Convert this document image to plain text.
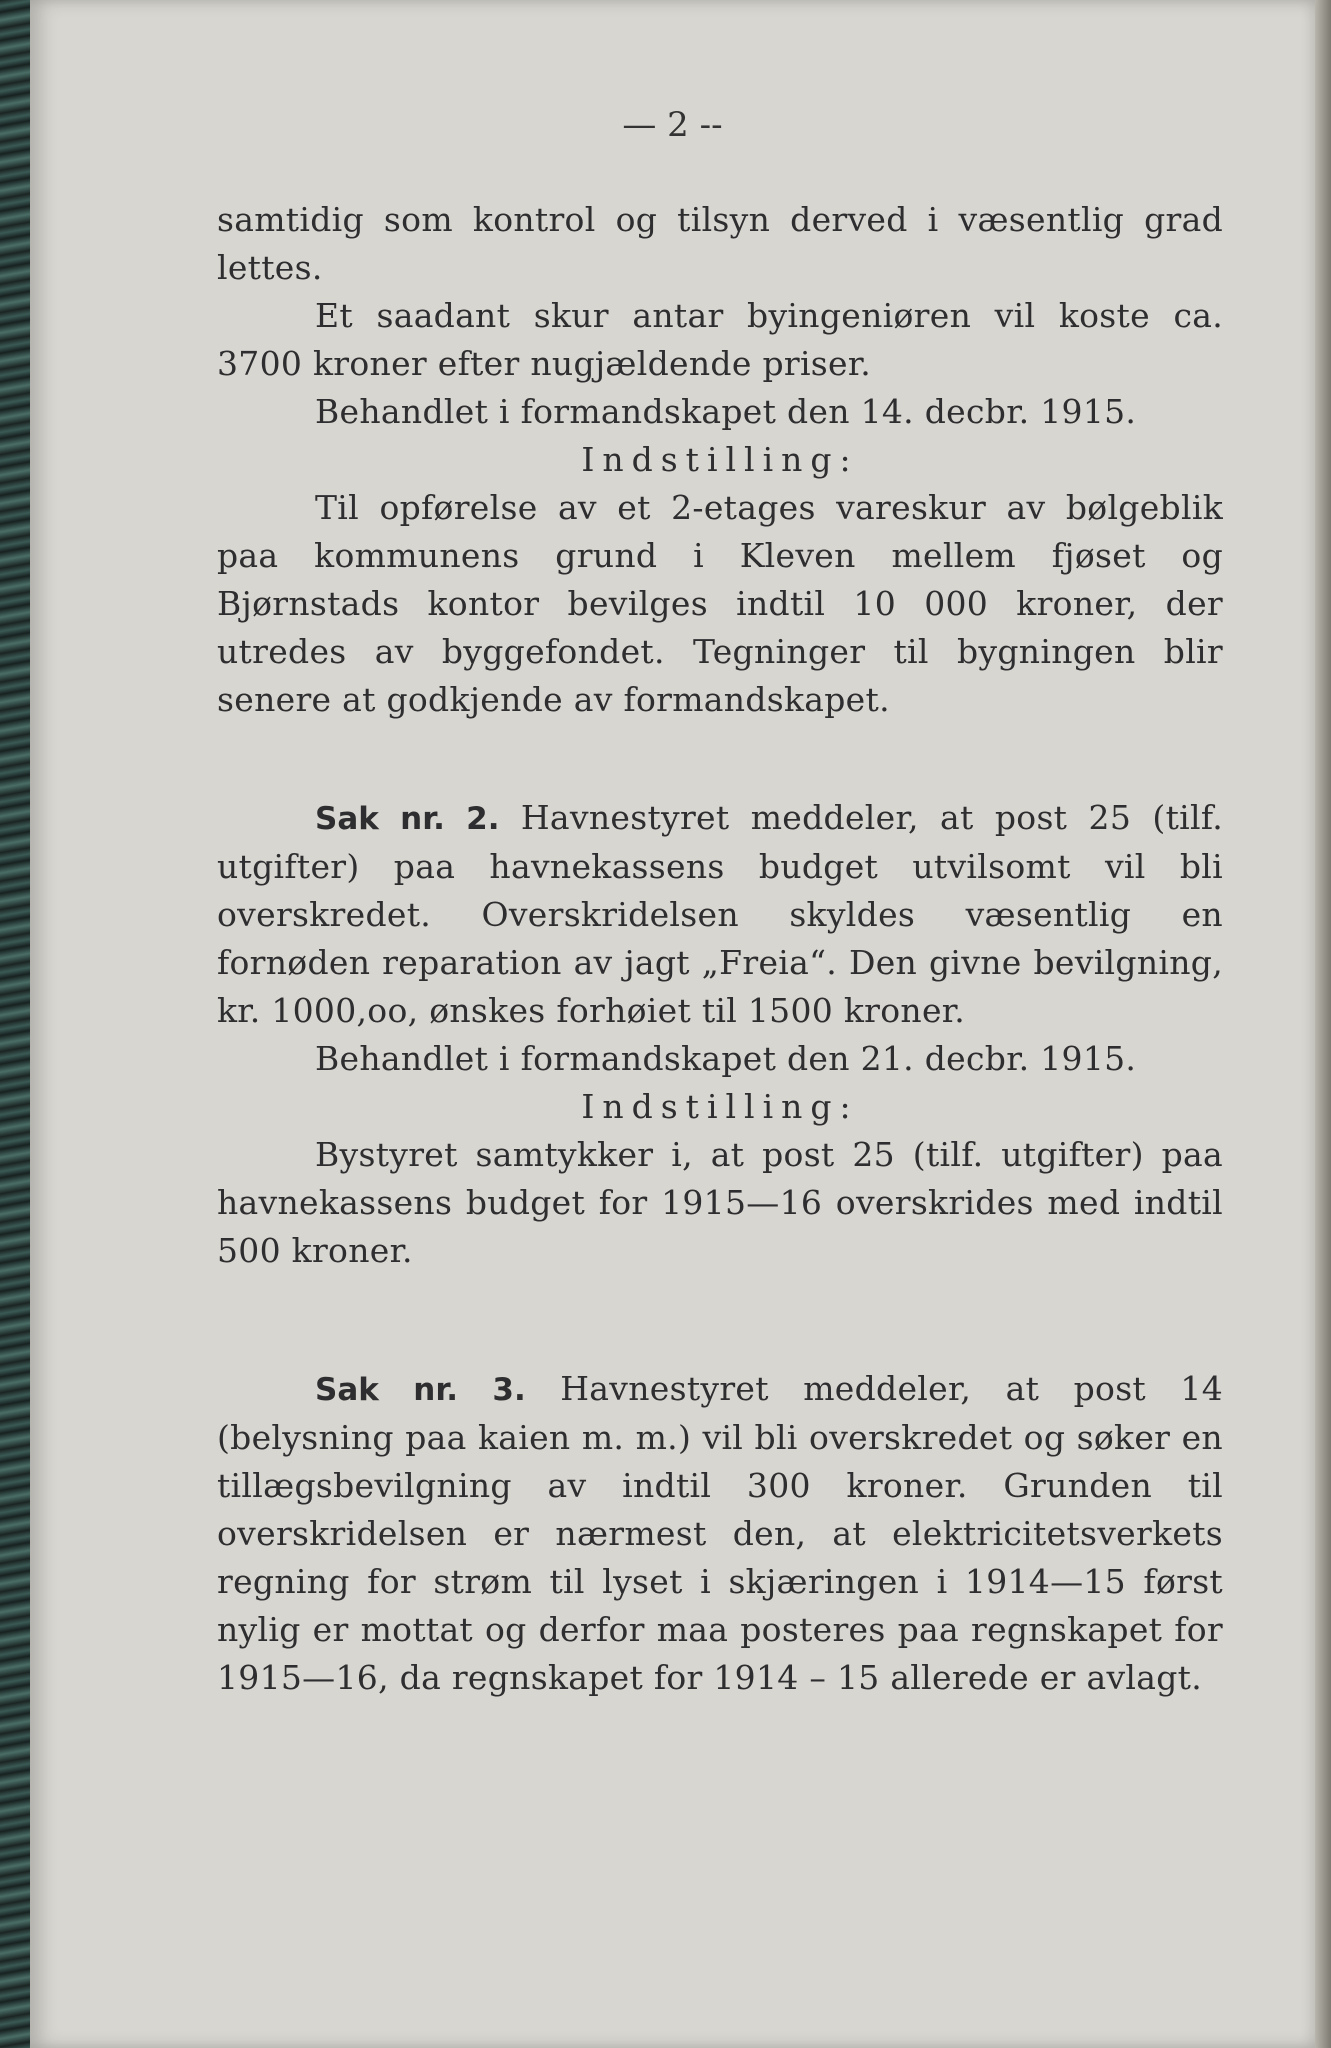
— 2 --

samtidig som kontrol og tilsyn derved i væsentlig grad lettes.

Et saadant skur antar byingeniøren vil koste ca. 3700 kroner efter nugjældende priser.

Behandlet i formandskapet den 14. decbr. 1915.

Indstilling:

Til opførelse av et 2-etages vareskur av bølgeblik paa kommunens grund i Kleven mellem fjøset og Bjørnstads kontor bevilges indtil 10 000 kroner, der utredes av byggefondet. Tegninger til bygningen blir senere at godkjende av formandskapet.

Sak nr. 2. Havnestyret meddeler, at post 25 (tilf. utgifter) paa havnekassens budget utvilsomt vil bli overskredet. Overskridelsen skyldes væsentlig en fornøden reparation av jagt „Freia“. Den givne bevilgning, kr. 1000,oo, ønskes forhøiet til 1500 kroner.

Behandlet i formandskapet den 21. decbr. 1915.

Indstilling:

Bystyret samtykker i, at post 25 (tilf. utgifter) paa havnekassens budget for 1915—16 overskrides med indtil 500 kroner.

Sak nr. 3. Havnestyret meddeler, at post 14 (belysning paa kaien m. m.) vil bli overskredet og søker en tillægsbevilgning av indtil 300 kroner. Grunden til overskridelsen er nærmest den, at elektricitetsverkets regning for strøm til lyset i skjæringen i 1914—15 først nylig er mottat og derfor maa posteres paa regnskapet for 1915—16, da regnskapet for 1914 – 15 allerede er avlagt.
